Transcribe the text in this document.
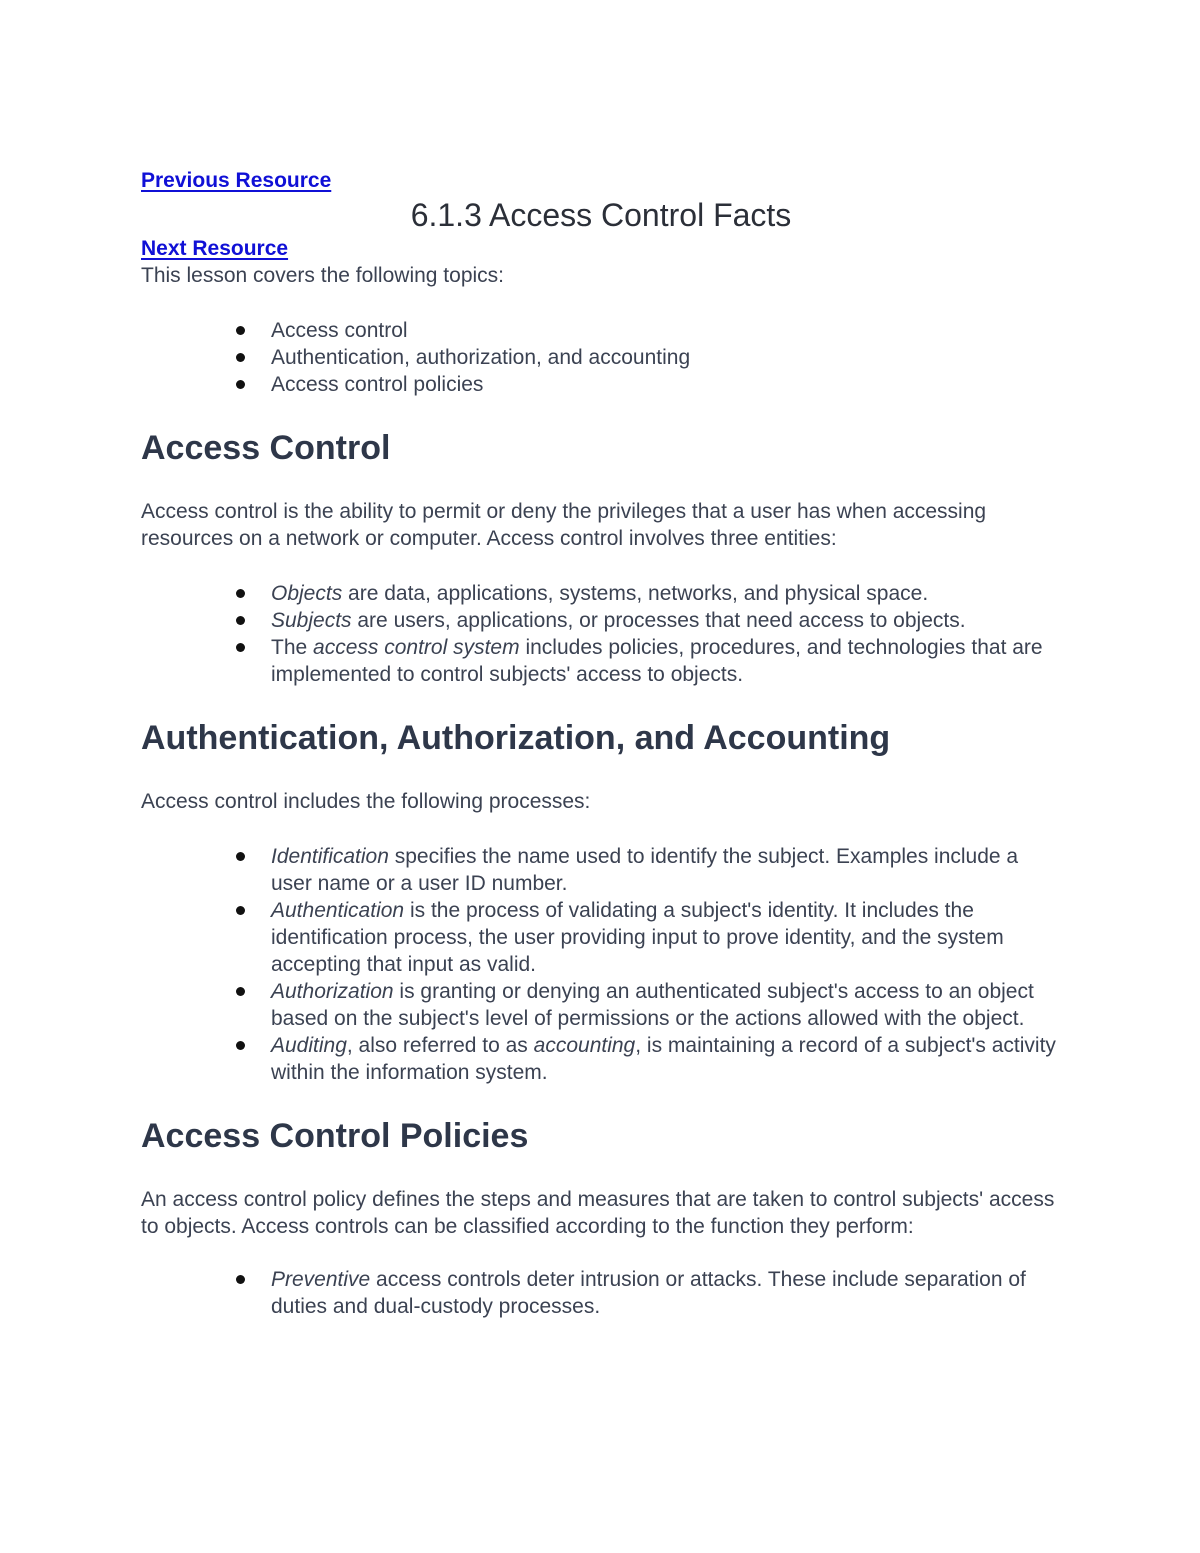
Previous Resource
6.1.3 Access Control Facts
Next Resource

This lesson covers the following topics:

Access control
Authentication, authorization, and accounting
Access control policies
Access Control

Access control is the ability to permit or deny the privileges that a user has when accessing resources on a network or computer. Access control involves three entities:

Objects are data, applications, systems, networks, and physical space.
Subjects are users, applications, or processes that need access to objects.
The access control system includes policies, procedures, and technologies that are implemented to control subjects' access to objects.
Authentication, Authorization, and Accounting

Access control includes the following processes:

Identification specifies the name used to identify the subject. Examples include a user name or a user ID number.
Authentication is the process of validating a subject's identity. It includes the identification process, the user providing input to prove identity, and the system accepting that input as valid.
Authorization is granting or denying an authenticated subject's access to an object based on the subject's level of permissions or the actions allowed with the object.
Auditing, also referred to as accounting, is maintaining a record of a subject's activity within the information system.
Access Control Policies

An access control policy defines the steps and measures that are taken to control subjects' access to objects. Access controls can be classified according to the function they perform:

Preventive access controls deter intrusion or attacks. These include separation of duties and dual-custody processes.
